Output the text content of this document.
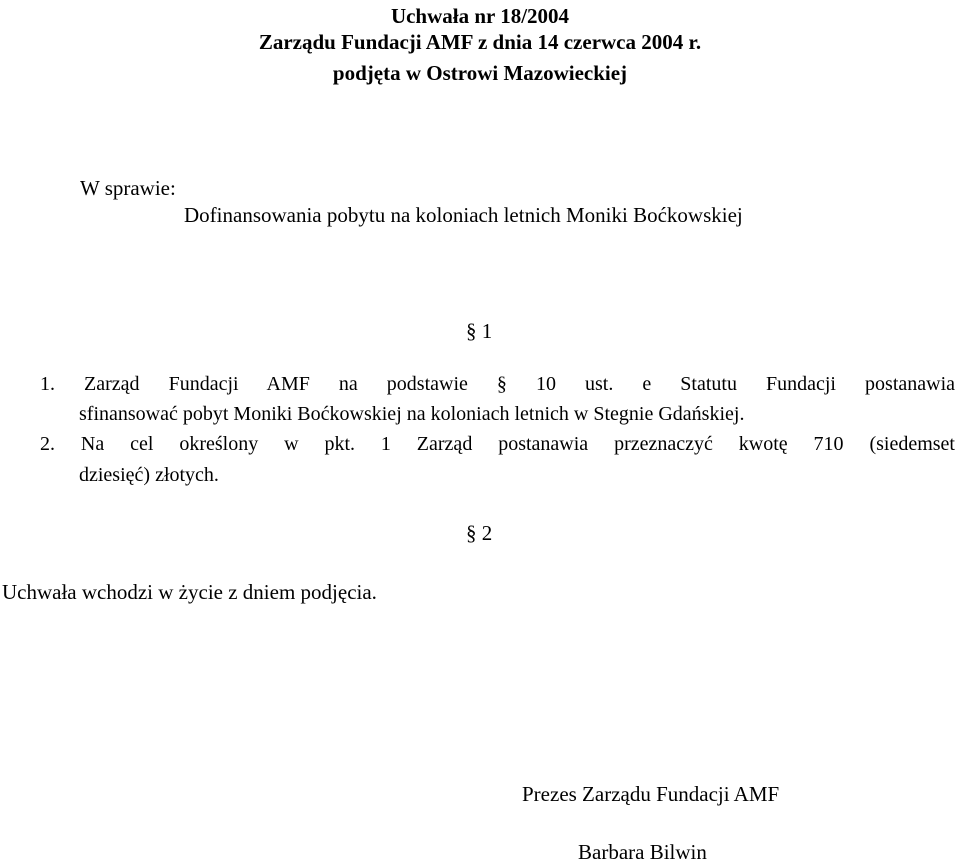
Uchwała nr 18/2004
Zarządu Fundacji AMF z dnia 14 czerwca 2004 r.
podjęta w Ostrowi Mazowieckiej
W sprawie:
Dofinansowania pobytu na koloniach letnich Moniki Boćkowskiej
§ 1
1. Zarząd Fundacji AMF na podstawie § 10 ust. e Statutu Fundacji postanawia
sfinansować pobyt Moniki Boćkowskiej na koloniach letnich w Stegnie Gdańskiej.
2. Na cel określony w pkt. 1 Zarząd postanawia przeznaczyć kwotę 710 (siedemset
dziesięć) złotych.
§ 2
Uchwała wchodzi w życie z dniem podjęcia.
Prezes Zarządu Fundacji AMF
Barbara Bilwin
